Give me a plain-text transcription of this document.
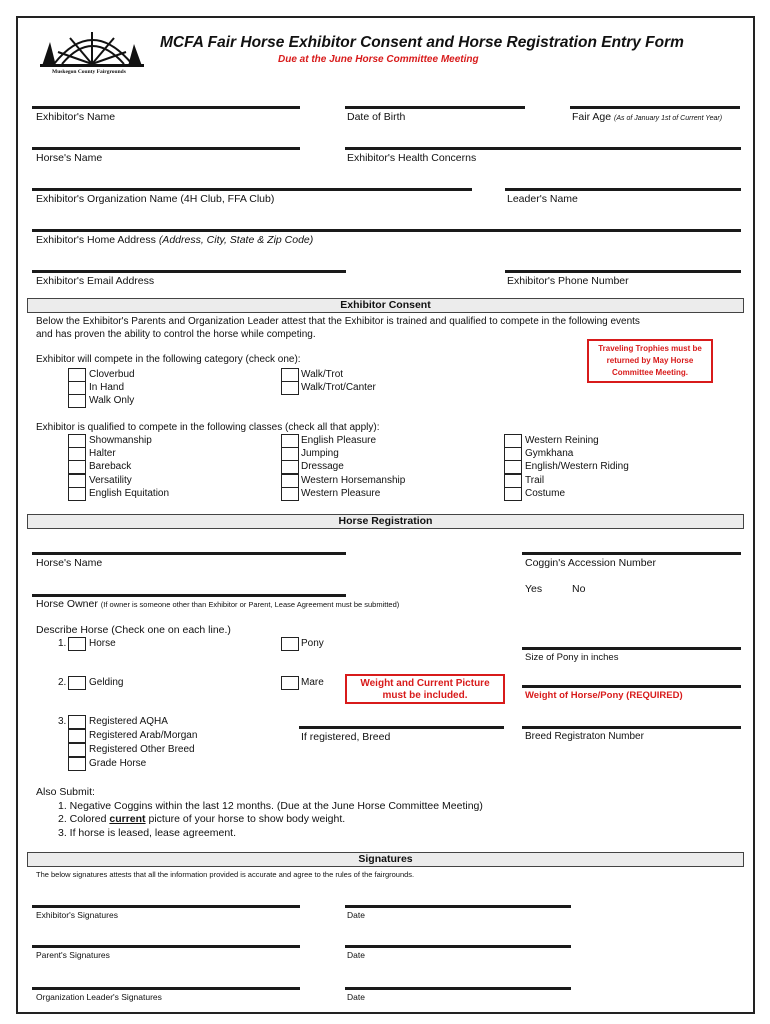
Muskegon County Fairgrounds
MCFA Fair Horse Exhibitor Consent and Horse Registration Entry Form
Due at the June Horse Committee Meeting
Exhibitor's Name	Date of Birth	Fair Age (As of January 1st of Current Year)
Horse's Name	Exhibitor's Health Concerns
Exhibitor's Organization Name (4H Club, FFA Club)	Leader's Name
Exhibitor's Home Address (Address, City, State & Zip Code)
Exhibitor's Email Address	Exhibitor's Phone Number
Exhibitor Consent
Below the Exhibitor's Parents and Organization Leader attest that the Exhibitor is trained and qualified to compete in the following events
and has proven the ability to control the horse while competing.
Traveling Trophies must be returned by May Horse Committee Meeting.
Exhibitor will compete in the following category (check one):
Cloverbud
In Hand
Walk Only
Walk/Trot
Walk/Trot/Canter
Exhibitor is qualified to compete in the following classes (check all that apply):
Showmanship
Halter
Bareback
Versatility
English Equitation
English Pleasure
Jumping
Dressage
Western Horsemanship
Western Pleasure
Western Reining
Gymkhana
English/Western Riding
Trail
Costume
Horse Registration
Horse's Name	Coggin's Accession Number
Yes	No
Horse Owner (If owner is someone other than Exhibitor or Parent, Lease Agreement must be submitted)
Describe Horse (Check one on each line.)
1. Horse	Pony
Size of Pony in inches
2. Gelding	Mare	Weight and Current Picture
must be included.	Weight of Horse/Pony (REQUIRED)
3. Registered AQHA
Registered Arab/Morgan
Registered Other Breed
Grade Horse
If registered, Breed	Breed Registraton Number
Also Submit:
1. Negative Coggins within the last 12 months. (Due at the June Horse Committee Meeting)
2. Colored current picture of your horse to show body weight.
3. If horse is leased, lease agreement.
Signatures
The below signatures attests that all the information provided is accurate and agree to the rules of the fairgrounds.
Exhibitor's Signatures	Date
Parent's Signatures	Date
Organization Leader's Signatures	Date
